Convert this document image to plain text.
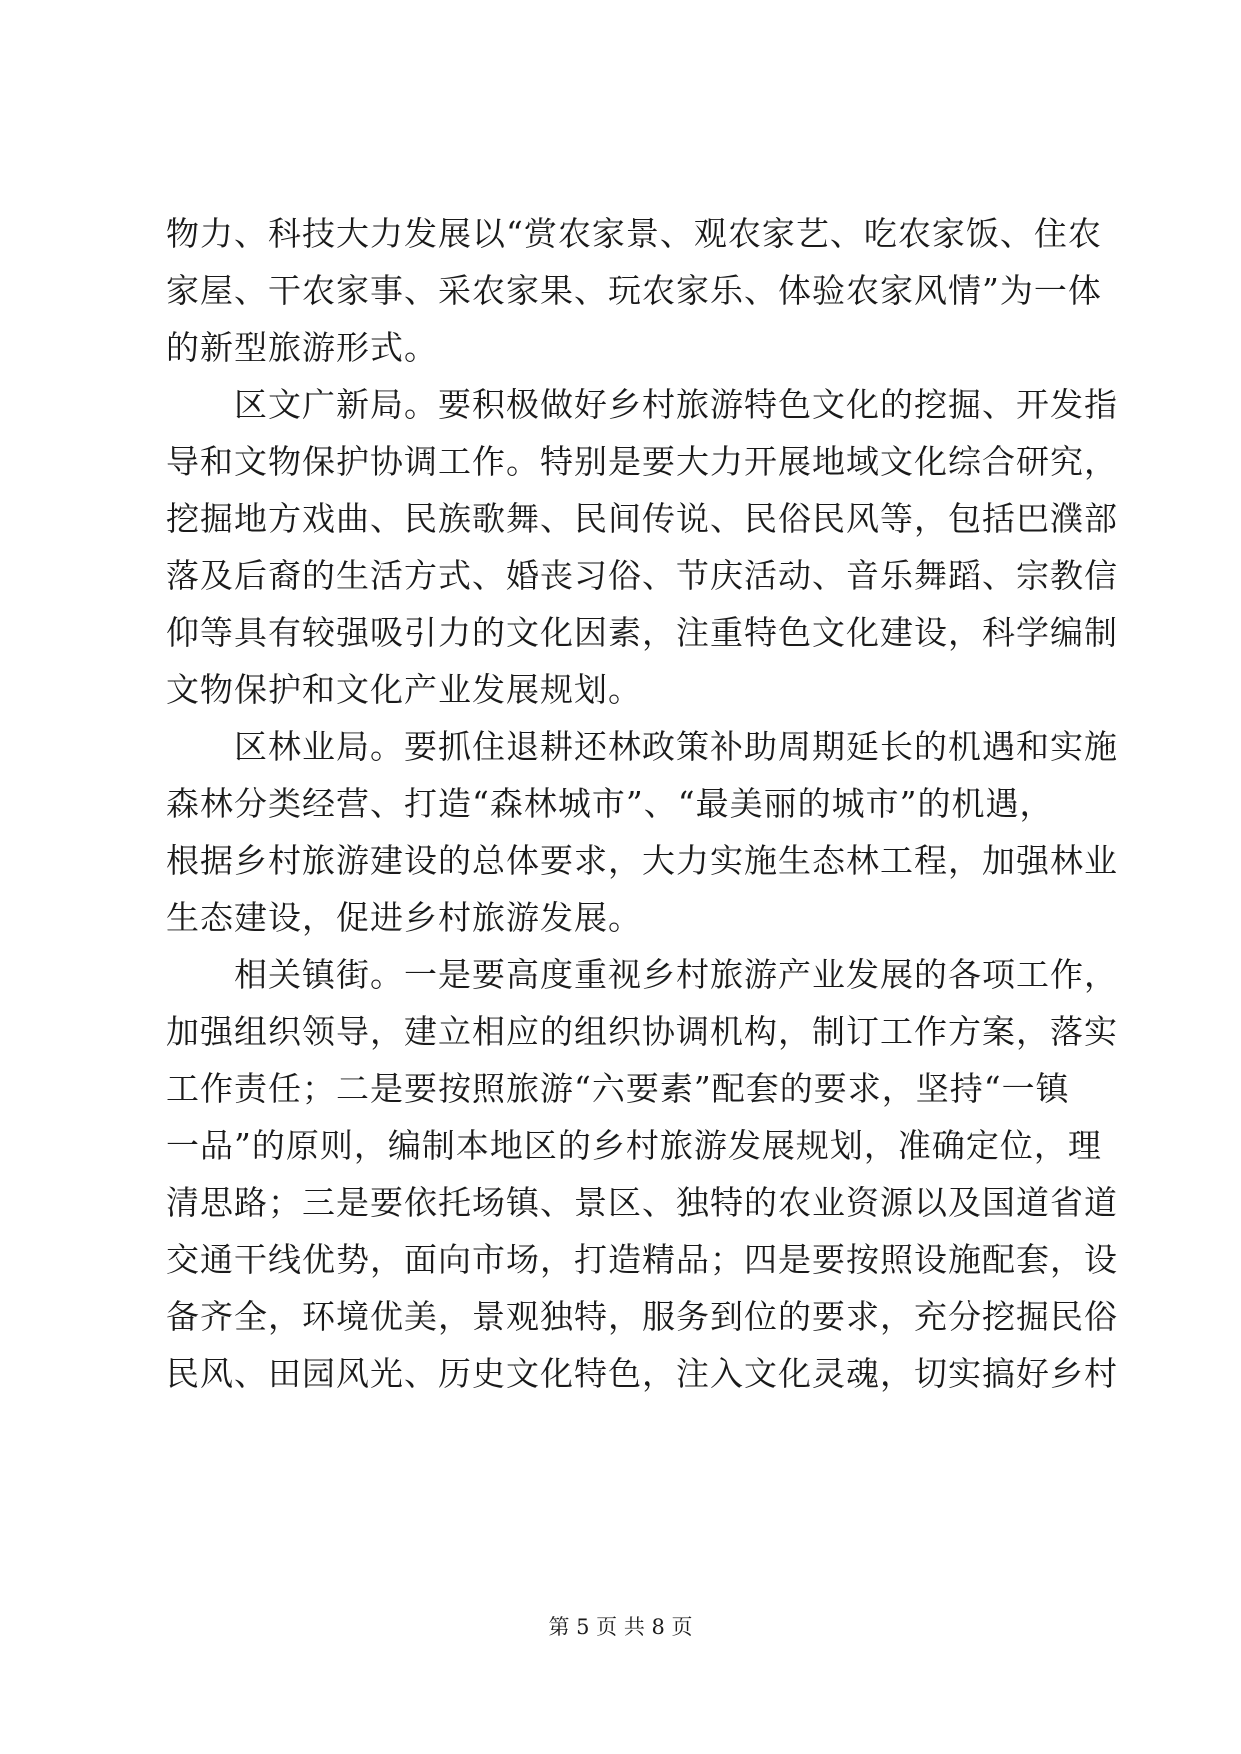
物力、科技大力发展以“赏农家景、观农家艺、吃农家饭、住农
家屋、干农家事、采农家果、玩农家乐、体验农家风情”为一体
的新型旅游形式。
区文广新局。要积极做好乡村旅游特色文化的挖掘、开发指
导和文物保护协调工作。特别是要大力开展地域文化综合研究，
挖掘地方戏曲、民族歌舞、民间传说、民俗民风等，包括巴濮部
落及后裔的生活方式、婚丧习俗、节庆活动、音乐舞蹈、宗教信
仰等具有较强吸引力的文化因素，注重特色文化建设，科学编制
文物保护和文化产业发展规划。
区林业局。要抓住退耕还林政策补助周期延长的机遇和实施
森林分类经营、打造“森林城市”、“最美丽的城市”的机遇，
根据乡村旅游建设的总体要求，大力实施生态林工程，加强林业
生态建设，促进乡村旅游发展。
相关镇街。一是要高度重视乡村旅游产业发展的各项工作，
加强组织领导，建立相应的组织协调机构，制订工作方案，落实
工作责任；二是要按照旅游“六要素”配套的要求，坚持“一镇
一品”的原则，编制本地区的乡村旅游发展规划，准确定位，理
清思路；三是要依托场镇、景区、独特的农业资源以及国道省道
交通干线优势，面向市场，打造精品；四是要按照设施配套，设
备齐全，环境优美，景观独特，服务到位的要求，充分挖掘民俗
民风、田园风光、历史文化特色，注入文化灵魂，切实搞好乡村
第 5 页 共 8 页
